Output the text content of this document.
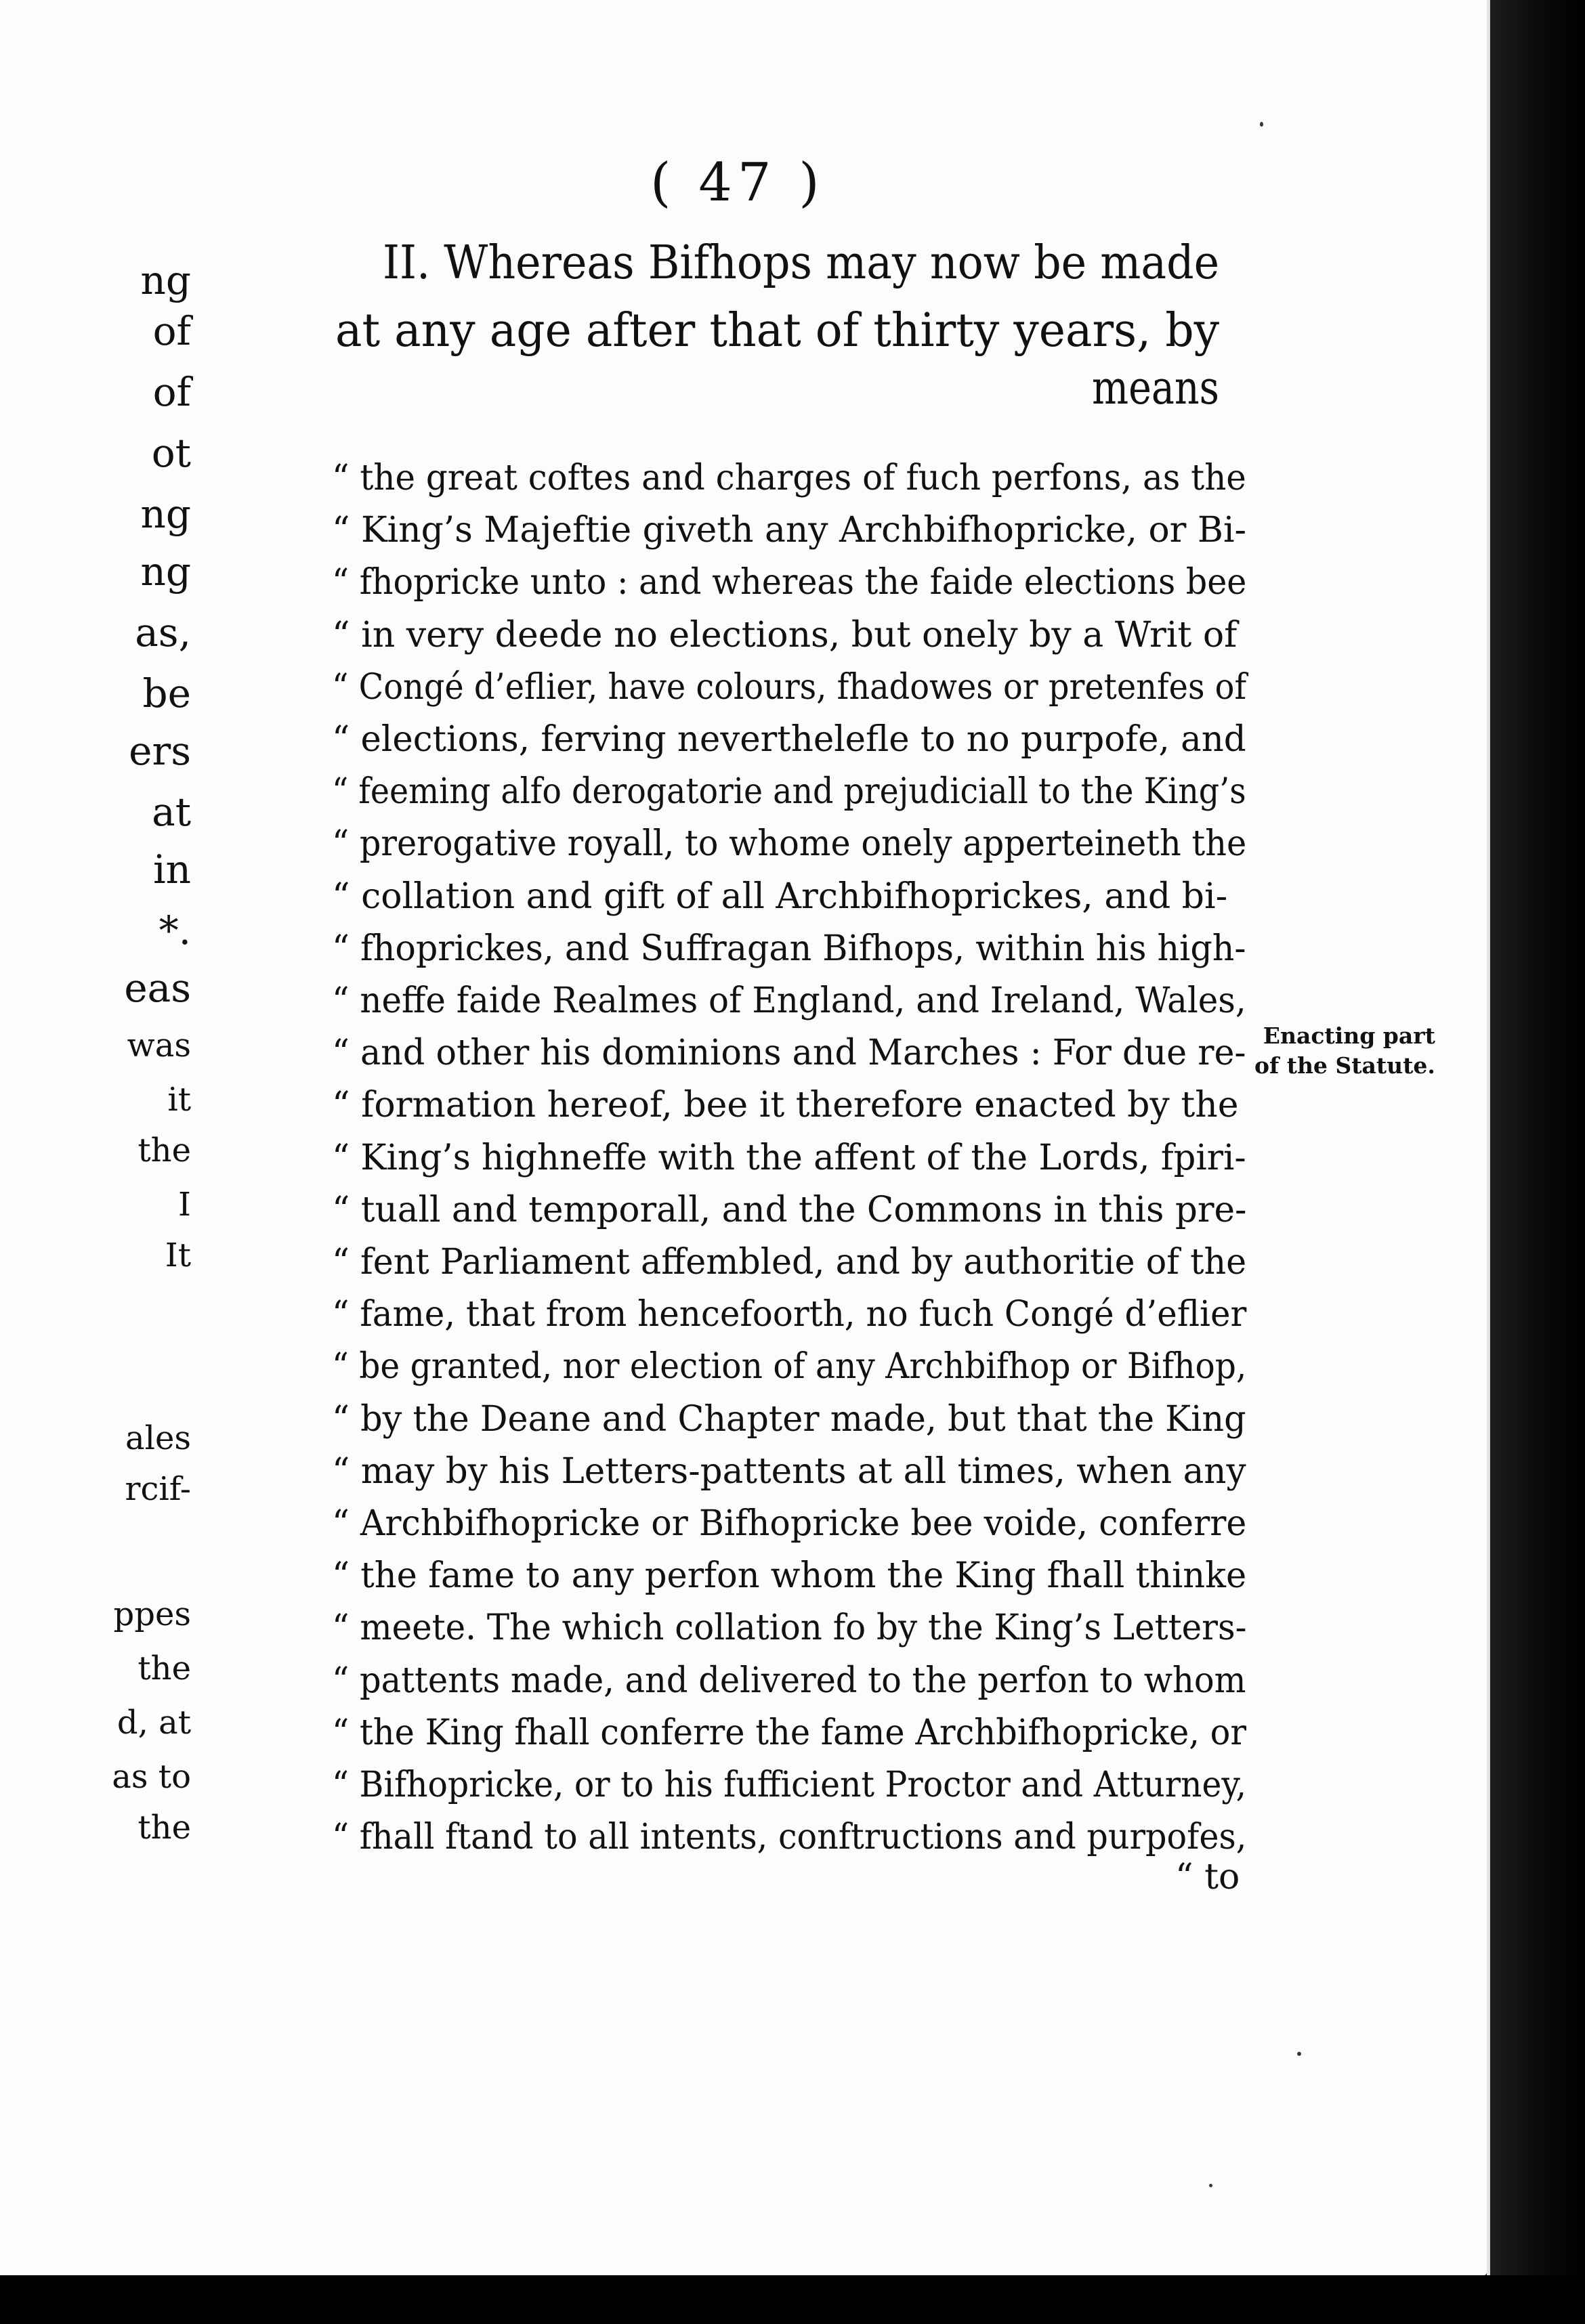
ng
of
of
ot
ng
ng
as,
be
ers
at
in
*.
eas
was
it
the
I
It
ales
rcif-
ppes
the
d, at
as to
the
( 47 )
II. Whereas Bifhops may now be made
at any age after that of thirty years, by
means
“ the great coftes and charges of fuch perfons, as the
“ King’s Majeftie giveth any Archbifhopricke, or Bi-
“ fhopricke unto : and whereas the faide elections bee
“ in very deede no elections, but onely by a Writ of
“ Congé d’eflier, have colours, fhadowes or pretenfes of
“ elections, ferving neverthelefle to no purpofe, and
“ feeming alfo derogatorie and prejudiciall to the King’s
“ prerogative royall, to whome onely apperteineth the
“ collation and gift of all Archbifhoprickes, and bi-
“ fhoprickes, and Suffragan Bifhops, within his high-
“ neffe faide Realmes of England, and Ireland, Wales,
“ and other his dominions and Marches : For due re-
“ formation hereof, bee it therefore enacted by the
“ King’s highneffe with the affent of the Lords, fpiri-
“ tuall and temporall, and the Commons in this pre-
“ fent Parliament affembled, and by authoritie of the
“ fame, that from hencefoorth, no fuch Congé d’eflier
“ be granted, nor election of any Archbifhop or Bifhop,
“ by the Deane and Chapter made, but that the King
“ may by his Letters-pattents at all times, when any
“ Archbifhopricke or Bifhopricke bee voide, conferre
“ the fame to any perfon whom the King fhall thinke
“ meete. The which collation fo by the King’s Letters-
“ pattents made, and delivered to the perfon to whom
“ the King fhall conferre the fame Archbifhopricke, or
“ Bifhopricke, or to his fufficient Proctor and Atturney,
“ fhall ftand to all intents, conftructions and purpofes,
“ to
Enacting part
of the Statute.
